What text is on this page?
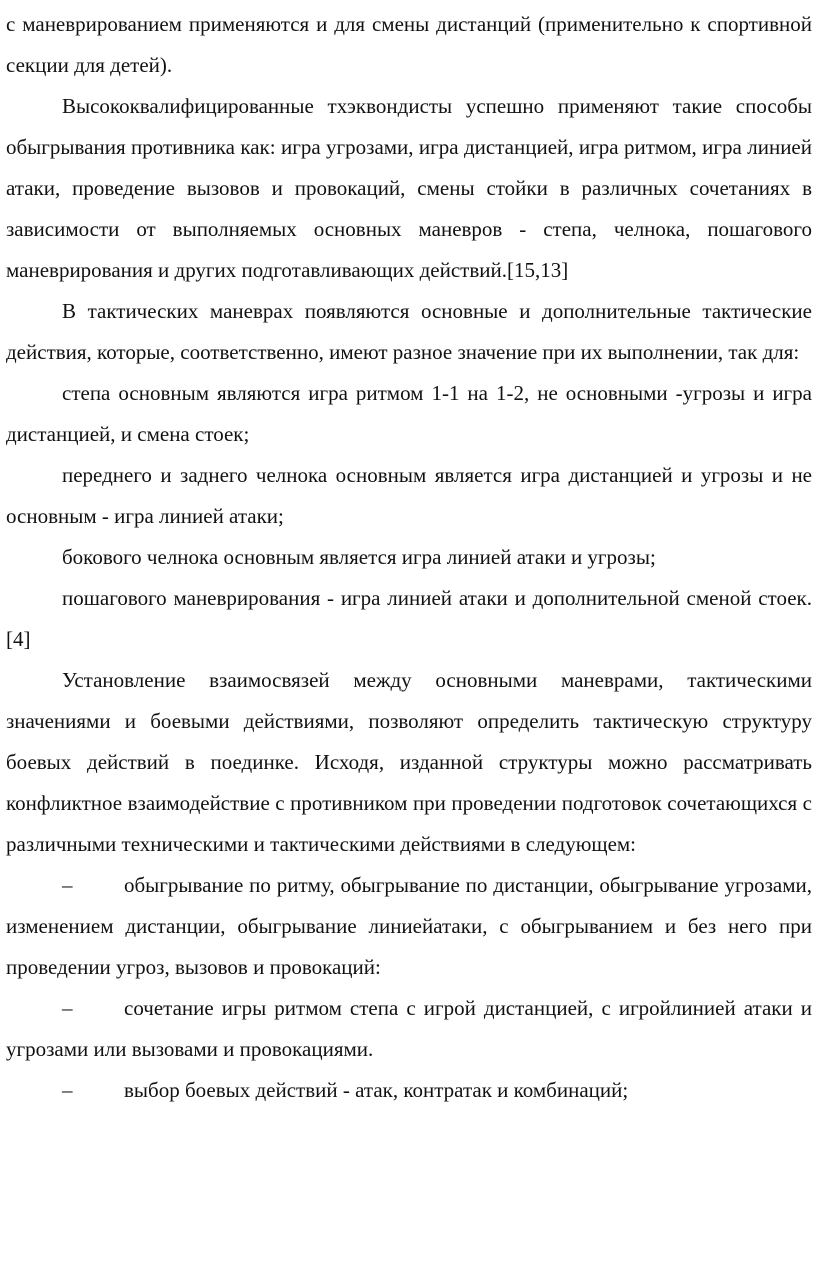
с маневрированием применяются и для смены дистанций (применительно к спортивной секции для детей).

Высококвалифицированные тхэквондисты успешно применяют такие способы обыгрывания противника как: игра угрозами, игра дистанцией, игра ритмом, игра линией атаки, проведение вызовов и провокаций, смены стойки в различных сочетаниях в зависимости от выполняемых основных маневров - степа, челнока, пошагового маневрирования и других подготавливающих действий.[15,13]

В тактических маневрах появляются основные и дополнительные тактические действия, которые, соответственно, имеют разное значение при их выполнении, так для:

степа основным являются игра ритмом 1-1 на 1-2, не основными -угрозы и игра дистанцией, и смена стоек;

переднего и заднего челнока основным является игра дистанцией и угрозы и не основным - игра линией атаки;

бокового челнока основным является игра линией атаки и угрозы;

пошагового маневрирования - игра линией атаки и дополнительной сменой стоек.[4]

Установление взаимосвязей между основными маневрами, тактическими значениями и боевыми действиями, позволяют определить тактическую структуру боевых действий в поединке. Исходя, изданной структуры можно рассматривать конфликтное взаимодействие с противником при проведении подготовок сочетающихся с различными техническими и тактическими действиями в следующем:

– обыгрывание по ритму, обыгрывание по дистанции, обыгрывание угрозами, изменением дистанции, обыгрывание линиейатаки, с обыгрыванием и без него при проведении угроз, вызовов и провокаций:

– сочетание игры ритмом степа с игрой дистанцией, с игройлинией атаки и угрозами или вызовами и провокациями.

– выбор боевых действий - атак, контратак и комбинаций;
